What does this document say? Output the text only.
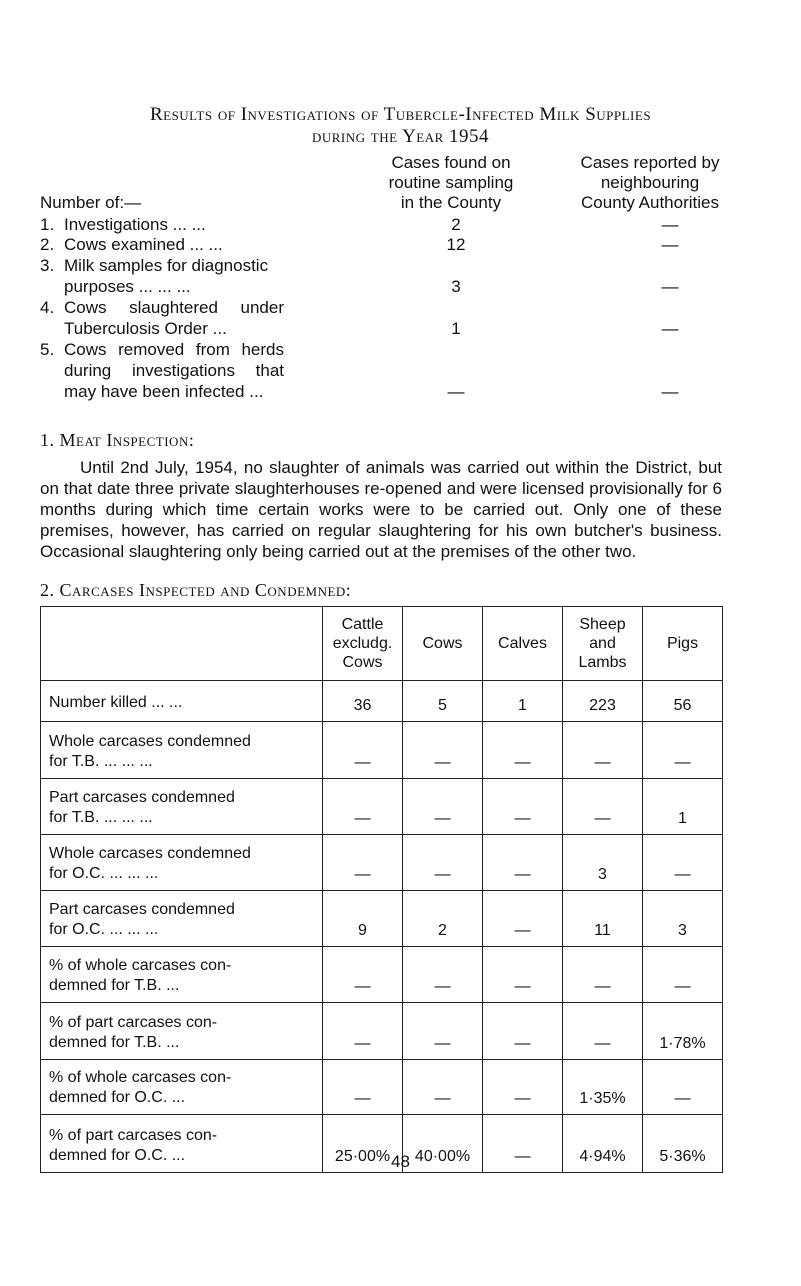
Results of Investigations of Tubercle-Infected Milk Supplies
during the Year 1954
Cases found on
routine sampling
in the County
Cases reported by
neighbouring
County Authorities
Number of:—
1. Investigations ... ...	2	—
2. Cows examined ... ...	12	—
3. Milk samples for diagnostic
purposes ... ... ...	3	—
4. Cows slaughtered under
Tuberculosis Order ...	1	—
5. Cows removed from herds
during investigations that
may have been infected ...	—	—
1. Meat Inspection:
Until 2nd July, 1954, no slaughter of animals was carried out within the District, but on that date three private slaughterhouses re-opened and were licensed provisionally for 6 months during which time certain works were to be carried out. Only one of these premises, however, has carried on regular slaughtering for his own butcher's business. Occasional slaughtering only being carried out at the premises of the other two.
2. Carcases Inspected and Condemned:
	Cattle excludg. Cows	Cows	Calves	Sheep and Lambs	Pigs

Number killed ... ...	36	5	1	223	56

Whole carcases condemned
for T.B. ... ... ...	—	—	—	—	—

Part carcases condemned
for T.B. ... ... ...	—	—	—	—	1

Whole carcases condemned
for O.C. ... ... ...	—	—	—	3	—

Part carcases condemned
for O.C. ... ... ...	9	2	—	11	3

% of whole carcases con-
demned for T.B. ...	—	—	—	—	—

% of part carcases con-
demned for T.B. ...	—	—	—	—	1·78%

% of whole carcases con-
demned for O.C. ...	—	—	—	1·35%	—

% of part carcases con-
demned for O.C. ...	25·00%	40·00%	—	4·94%	5·36%
48
